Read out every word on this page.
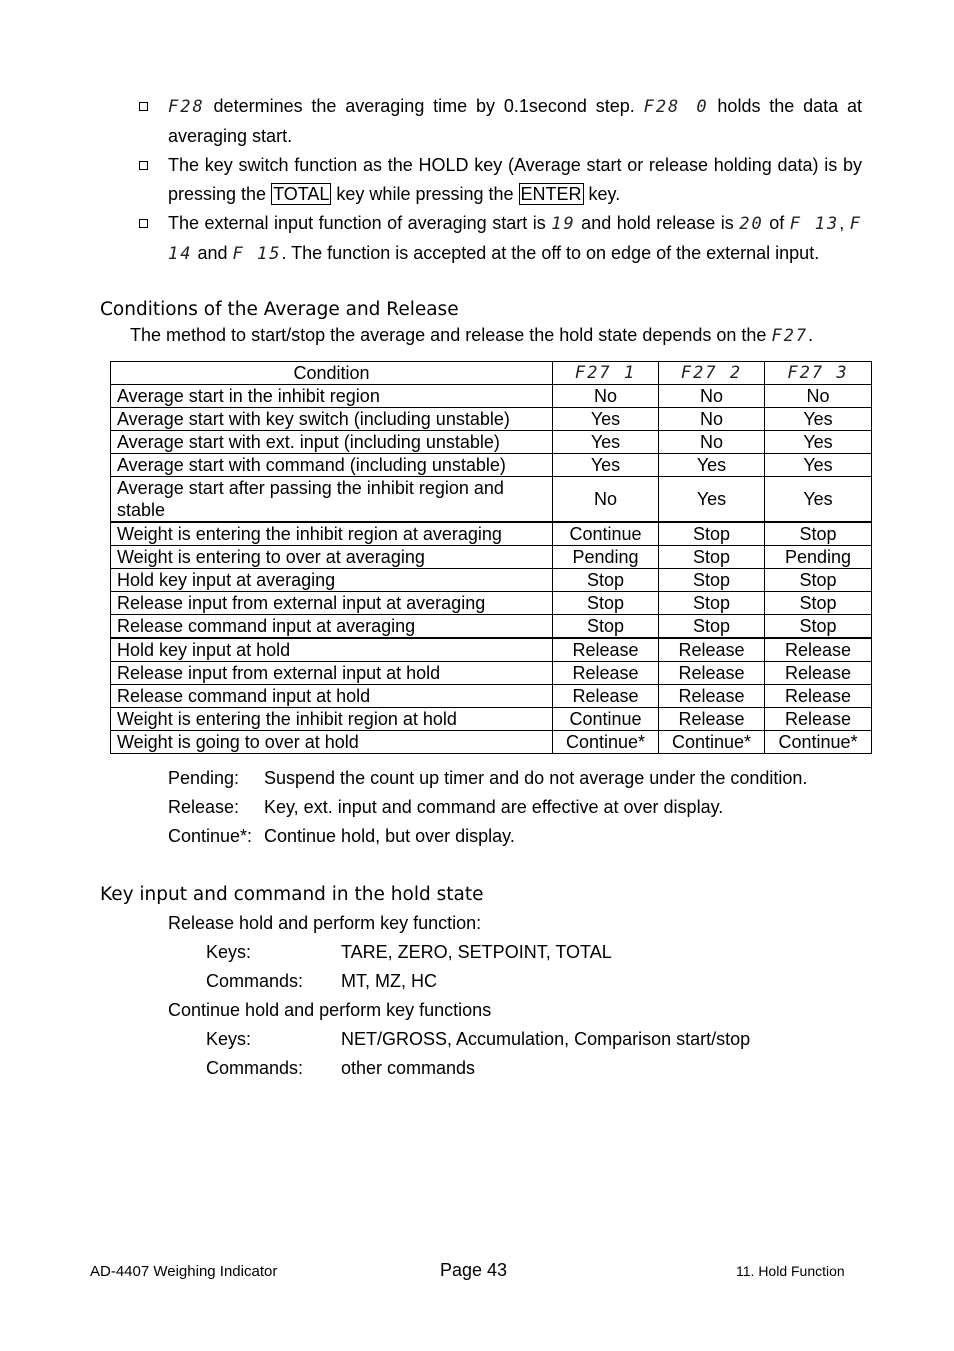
F28 determines the averaging time by 0.1second step. F28 0 holds the data at averaging start.
The key switch function as the HOLD key (Average start or release holding data) is by pressing the TOTAL key while pressing the ENTER key.
The external input function of averaging start is 19 and hold release is 20 of F 13, F 14 and F 15. The function is accepted at the off to on edge of the external input.
Conditions of the Average and Release
The method to start/stop the average and release the hold state depends on the F27.
Condition	F27 1	F27 2	F27 3
Average start in the inhibit region	No	No	No
Average start with key switch (including unstable)	Yes	No	Yes
Average start with ext. input (including unstable)	Yes	No	Yes
Average start with command (including unstable)	Yes	Yes	Yes
Average start after passing the inhibit region and stable	No	Yes	Yes
Weight is entering the inhibit region at averaging	Continue	Stop	Stop
Weight is entering to over at averaging	Pending	Stop	Pending
Hold key input at averaging	Stop	Stop	Stop
Release input from external input at averaging	Stop	Stop	Stop
Release command input at averaging	Stop	Stop	Stop
Hold key input at hold	Release	Release	Release
Release input from external input at hold	Release	Release	Release
Release command input at hold	Release	Release	Release
Weight is entering the inhibit region at hold	Continue	Release	Release
Weight is going to over at hold	Continue*	Continue*	Continue*
Pending:	Suspend the count up timer and do not average under the condition.
Release:	Key, ext. input and command are effective at over display.
Continue*: Continue hold, but over display.
Key input and command in the hold state
Release hold and perform key function:
Keys:	TARE, ZERO, SETPOINT, TOTAL
Commands:	MT, MZ, HC
Continue hold and perform key functions
Keys:	NET/GROSS, Accumulation, Comparison start/stop
Commands:	other commands
AD-4407 Weighing Indicator	Page 43	11. Hold Function
